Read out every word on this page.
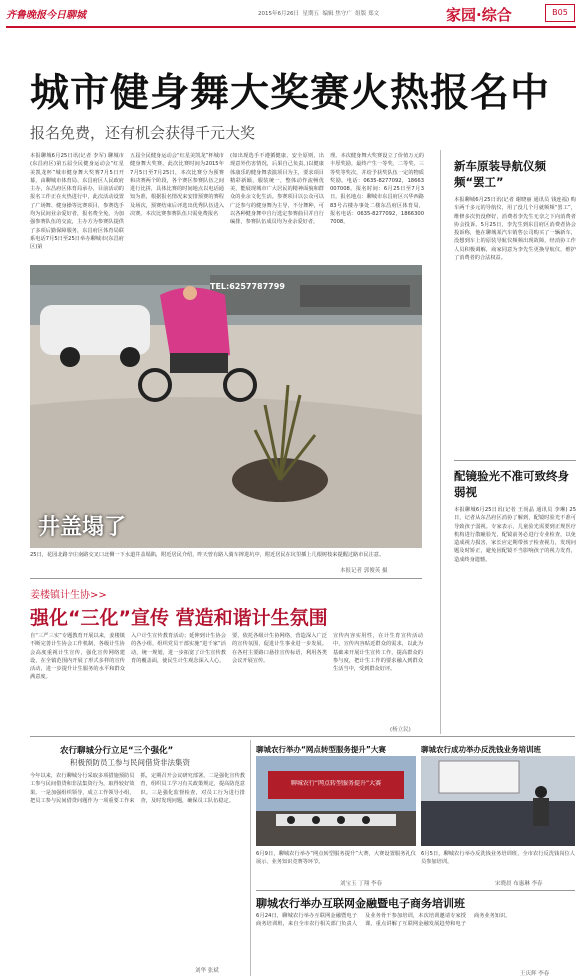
齐鲁晚报今日聊城	2015年6月26日 星期五 编辑 焦守广 组版 郑文	家园·综合	B05
城市健身舞大奖赛火热报名中
报名免费，还有机会获得千元大奖
本报聊城6月25日讯(记者 李军) 聊城市(东昌府区)第五届全民健身运动会“红星美凯龙杯”城市健身舞大奖赛7月5日开幕，由聊城市体育局、东昌府区人民政府主办，东昌府区体育局承办，目前活动的报名工作正在火热进行中，此次活动设置了广场舞、健身操等比赛项目，参赛选手均为民间业余爱好者，报名费全免。为加强参赛队伍的交流，主办方为参赛队提供了多项后勤保障服务，东昌府区体育局联系电话7月5日至25日举办聊城市(东昌府区)第
五届全民健身运动会“红星美凯龙”杯城市健身舞大奖赛。此次比赛时间为2015年7月5日至7月25日，本次比赛分为预赛和决赛两个阶段，各个赛区参赛队伍之间进行比拼，具体比赛的时间地点以电话通知为准，根据报名情况来安排预赛的赛程及场次，预赛结束后评选出优秀队伍进入决赛。本次比赛参赛队伍只需免费报名
(如出现选手不遵循健康、安全原则，出现意外伤害情况，后果自己负责。)以健康体康乐的健身舞表演项目为主，要求项目精彩新颖，服装统一，整体动作流畅优美，能展现城市广大居民的精神面貌和群众的业余文化生活。参赛项目以公众可以广泛参与的健身舞为主导，不分舞种，可以各种健身舞中自行选定参赛曲目并自行编排，参赛队伍成员均为业余爱好者。
理。本次健身舞大奖赛设立了价值万元的丰厚奖励。最终产生一等奖、二等奖、三等奖等奖次，并给予获奖队伍一定的物质奖励。电话：0635-8277092，18663007008。报名时间：6月25日至7月3日。报名地点：聊城市东昌府区兴华西路83号古楼办事处二楼东昌府区体育局，报名电话：0635-8277092，18663007008。
TEL:6257787799
井盖塌了
25日，花园北路辛庄南路交叉口北侧一下水道井盖塌陷，附近居民介绍，昨天曾有路人骑车摔进坑中，附近居民在坑里插上几根树枝来提醒过路市民注意。
本报记者 郭俊英 摄
姜楼镇计生协>>
强化“三化”宣传 营造和谐计生氛围
自“三严三实”专题教育开展以来，姜楼镇不断完善计生协会工作机制，各级计生协会高度重视计生宣传，强化宣传网络建设，在全镇范围内开展了形式多样的宣传活动，进一步提升计生服务的水平和群众满意度。
入户计生宣传教育活动；延伸到计生协会的各小组，组织党员干部实施“进千家”活动，统一规划，进一步拓宽了计生宣传教育的覆盖面，使民生计生观念深入人心。
要，依托各级计生协网络，营造深入广泛的宣传氛围，促进计生事业进一步发展。在各村主要路口悬挂宣传标语，利用各类会议开展宣传。
宣传内容实用性，在计生育宣传活动中，宣传内容贴近群众的需求，以此为基础来开展计生宣传工作，提高群众的参与度，把计生工作的要求融入到群众生活当中，受到群众好评。
(杨立民)
农行聊城分行立足“三个强化”
积极预防员工参与民间借贷非法集资
今年以来，农行聊城分行采取多项措施预防员工参与民间借贷和非法集资行为，取得较好效果。一是加强组织领导，成立工作领导小组，把员工参与民间借贷问题作为一项重要工作来抓，定期召开会议研究部署。二是强化宣传教育，组织员工学习有关政策规定，提高防范意识。三是强化监督检查，对员工行为进行排查，及时发现问题，确保员工队伍稳定。
刘华 张斌
聊城农行举办“网点转型服务提升”大赛	聊城农行成功举办反洗钱业务培训班
聊城农行“网点转型服务提升”大赛
6月9日，聊城农行举办“网点转型服务提升”大赛，大赛设置服务礼仪展示、业务知识竞赛等环节。
刘宝玉 丁翔 李春
6月5日，聊城农行举办反洗钱业务培训班，全市农行反洗钱岗位人员参加培训。
宋晓晨 布惠琳 李春
聊城农行举办互联网金融暨电子商务培训班
6月24日，聊城农行举办互联网金融暨电子商务培训班，来自全市农行相关部门负责人及业务骨干参加培训，本次培训邀请专家授课，重点讲解了互联网金融发展趋势和电子商务业务知识。
王庆辉 李春
新车原装导航仪频频“罢工”
本报聊城6月25日讯(记者 谢晓丽 通讯员 钱连福) 购车两千多元的导航仪，用了没几个月就频频“罢工”，维修多次仍没修好，消费者李先生无奈之下向消费者协会投诉。5月25日，李先生到东昌府区消费者协会投诉称，他在聊城某汽车销售公司购买了一辆新车，没想到车上的原装导航仪频频出现故障，经消协工作人员积极调解，商家同意为李先生更换导航仪，维护了消费者的合法权益。
配镜验光不准可致终身弱视
本报聊城6月25日讯(记者 王尚晶 通讯员 李琳) 25日，记者从东昌府区消协了解到，配镜时验光不准可导致孩子弱视。专家表示，儿童验光需要到正规医疗机构进行散瞳验光，配镜前务必进行专业检查，以免造成视力损害，家长应定期带孩子检查视力，发现问题及时矫正，避免因配镜不当影响孩子的视力发育，造成终身遗憾。
